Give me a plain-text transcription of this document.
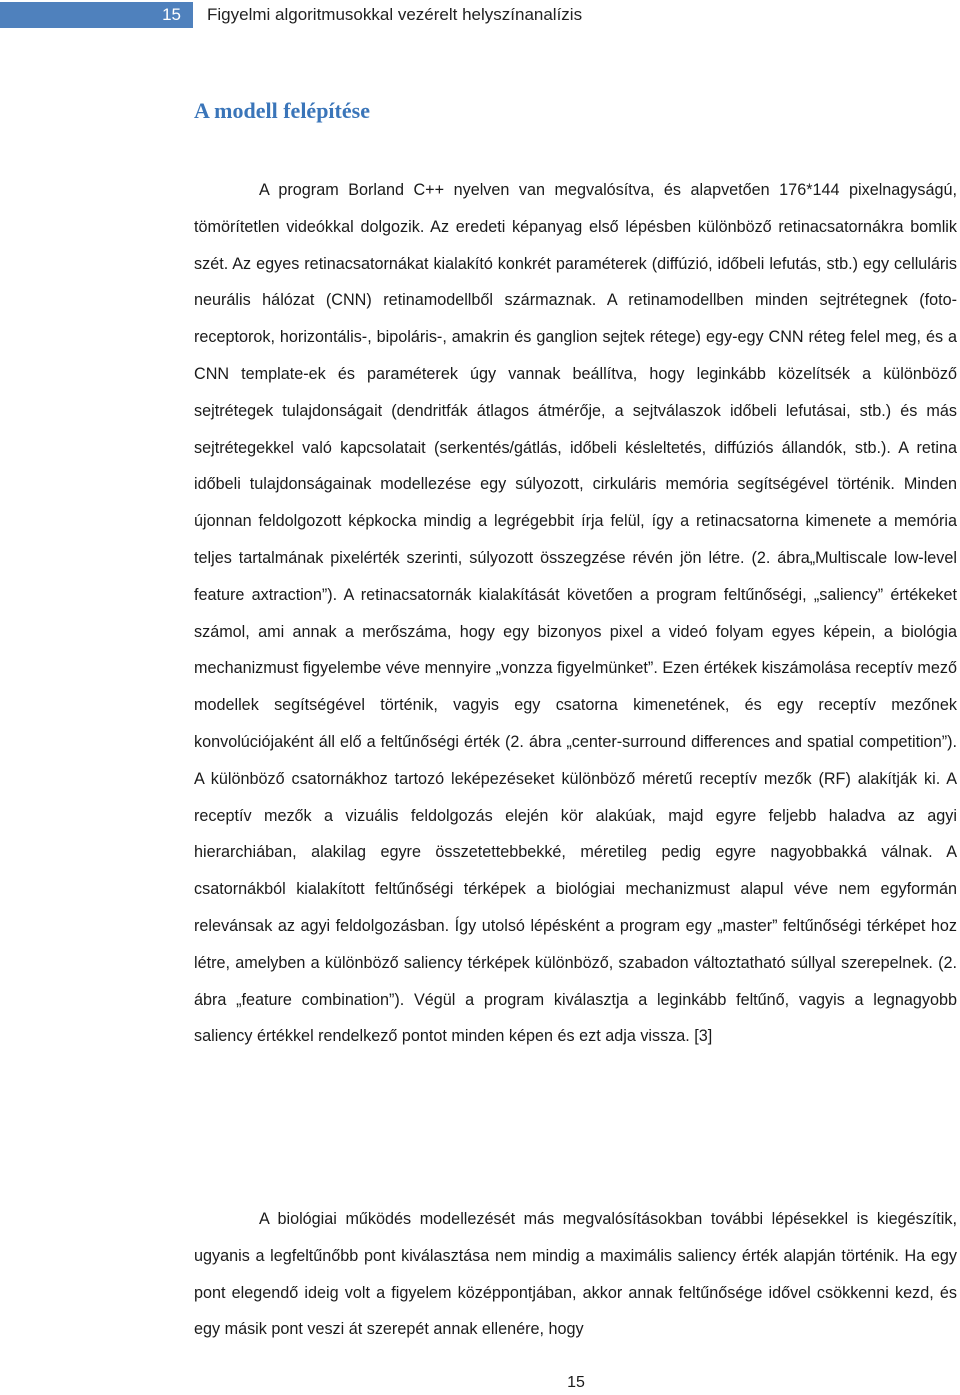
15	Figyelmi algoritmusokkal vezérelt helyszínanalízis
A modell felépítése

A program Borland C++ nyelven van megvalósítva, és alapvetően 176*144 pixelnagyságú, tömörítetlen videókkal dolgozik. Az eredeti képanyag első lépésben különböző retinacsatornákra bomlik szét. Az egyes retinacsatornákat kialakító konkrét paraméterek (diffúzió, időbeli lefutás, stb.) egy celluláris neurális hálózat (CNN) retinamodellből származnak. A retinamodellben minden sejtrétegnek (foto-receptorok, horizontális-, bipoláris-, amakrin és ganglion sejtek rétege) egy-egy CNN réteg felel meg, és a CNN template-ek és paraméterek úgy vannak beállítva, hogy leginkább közelítsék a különböző sejtrétegek tulajdonságait (dendritfák átlagos átmérője, a sejtválaszok időbeli lefutásai, stb.) és más sejtrétegekkel való kapcsolatait (serkentés/gátlás, időbeli késleltetés, diffúziós állandók, stb.). A retina időbeli tulajdonságainak modellezése egy súlyozott, cirkuláris memória segítségével történik. Minden újonnan feldolgozott képkocka mindig a legrégebbit írja felül, így a retinacsatorna kimenete a memória teljes tartalmának pixelérték szerinti, súlyozott összegzése révén jön létre. (2. ábra„Multiscale low-level feature axtraction”). A retinacsatornák kialakítását követően a program feltűnőségi, „saliency” értékeket számol, ami annak a merőszáma, hogy egy bizonyos pixel a videó folyam egyes képein, a biológia mechanizmust figyelembe véve mennyire „vonzza figyelmünket”. Ezen értékek kiszámolása receptív mező modellek segítségével történik, vagyis egy csatorna kimenetének, és egy receptív mezőnek konvolúciójaként áll elő a feltűnőségi érték (2. ábra „center-surround differences and spatial competition”). A különböző csatornákhoz tartozó leképezéseket különböző méretű receptív mezők (RF) alakítják ki. A receptív mezők a vizuális feldolgozás elején kör alakúak, majd egyre feljebb haladva az agyi hierarchiában, alakilag egyre összetettebbekké, méretileg pedig egyre nagyobbakká válnak. A csatornákból kialakított feltűnőségi térképek a biológiai mechanizmust alapul véve nem egyformán relevánsak az agyi feldolgozásban. Így utolsó lépésként a program egy „master” feltűnőségi térképet hoz létre, amelyben a különböző saliency térképek különböző, szabadon változtatható súllyal szerepelnek. (2. ábra „feature combination”). Végül a program kiválasztja a leginkább feltűnő, vagyis a legnagyobb saliency értékkel rendelkező pontot minden képen és ezt adja vissza. [3]

A biológiai működés modellezését más megvalósításokban további lépésekkel is kiegészítik, ugyanis a legfeltűnőbb pont kiválasztása nem mindig a maximális saliency érték alapján történik. Ha egy pont elegendő ideig volt a figyelem középpontjában, akkor annak feltűnősége idővel csökkenni kezd, és egy másik pont veszi át szerepét annak ellenére, hogy

15
